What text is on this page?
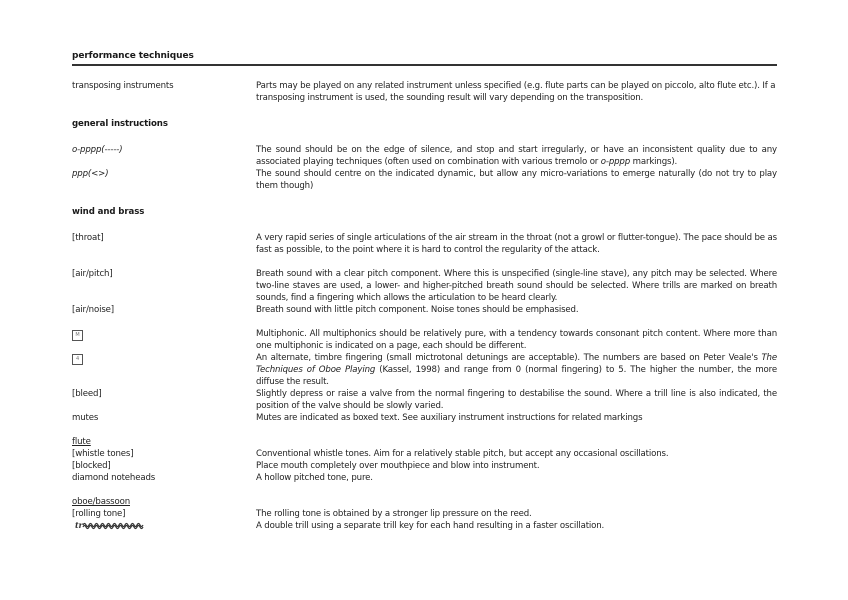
performance techniques
transposing instruments	Parts may be played on any related instrument unless specified (e.g. flute parts can be played on piccolo, alto flute etc.). If a transposing instrument is used, the sounding result will vary depending on the transposition.
general instructions
o-pppp(-----)	The sound should be on the edge of silence, and stop and start irregularly, or have an inconsistent quality due to any associated playing techniques (often used on combination with various tremolo or o-pppp markings).
ppp(<>)	The sound should centre on the indicated dynamic, but allow any micro-variations to emerge naturally (do not try to play them though)
wind and brass
[throat]	A very rapid series of single articulations of the air stream in the throat (not a growl or flutter-tongue). The pace should be as fast as possible, to the point where it is hard to control the regularity of the attack.
[air/pitch]	Breath sound with a clear pitch component. Where this is unspecified (single-line stave), any pitch may be selected. Where two-line staves are used, a lower- and higher-pitched breath sound should be selected. Where trills are marked on breath sounds, find a fingering which allows the articulation to be heard clearly.
[air/noise]	Breath sound with little pitch component. Noise tones should be emphasised.
M	Multiphonic. All multiphonics should be relatively pure, with a tendency towards consonant pitch content. Where more than one multiphonic is indicated on a page, each should be different.
4	An alternate, timbre fingering (small mictrotonal detunings are acceptable). The numbers are based on Peter Veale's The Techniques of Oboe Playing (Kassel, 1998) and range from 0 (normal fingering) to 5. The higher the number, the more diffuse the result.
[bleed]	Slightly depress or raise a valve from the normal fingering to destabilise the sound. Where a trill line is also indicated, the position of the valve should be slowly varied.
mutes	Mutes are indicated as boxed text. See auxiliary instrument instructions for related markings
flute
[whistle tones]	Conventional whistle tones. Aim for a relatively stable pitch, but accept any occasional oscillations.
[blocked]	Place mouth completely over mouthpiece and blow into instrument.
diamond noteheads	A hollow pitched tone, pure.
oboe/bassoon
[rolling tone]	The rolling tone is obtained by a stronger lip pressure on the reed.
tr	A double trill using a separate trill key for each hand resulting in a faster oscillation.
